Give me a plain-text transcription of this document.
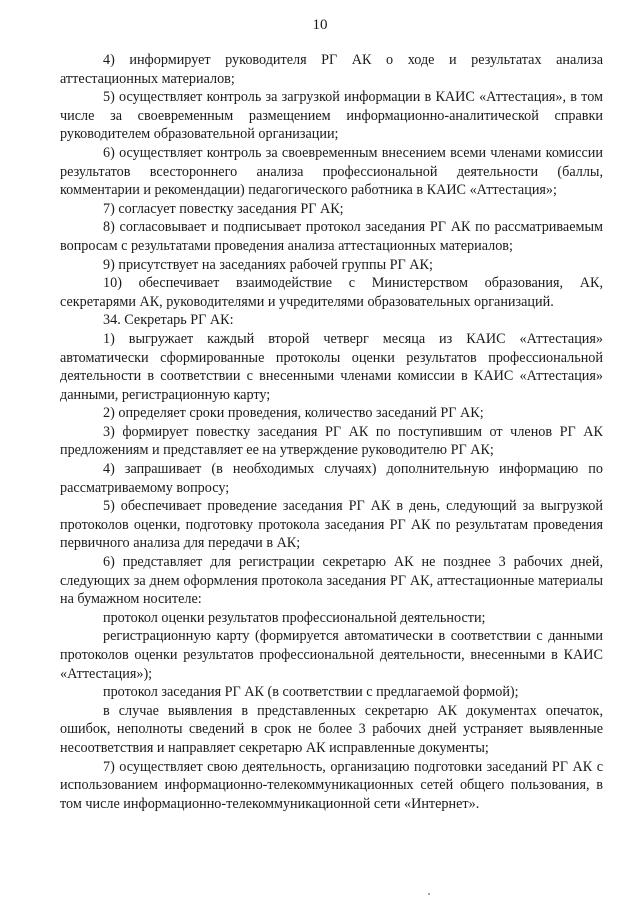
10

4) информирует руководителя РГ АК о ходе и результатах анализа аттестационных материалов;

5) осуществляет контроль за загрузкой информации в КАИС «Аттестация», в том числе за своевременным размещением информационно-аналитической справки руководителем образовательной организации;

6) осуществляет контроль за своевременным внесением всеми членами комиссии результатов всестороннего анализа профессиональной деятельности (баллы, комментарии и рекомендации) педагогического работника в КАИС «Аттестация»;

7) согласует повестку заседания РГ АК;

8) согласовывает и подписывает протокол заседания РГ АК по рассматриваемым вопросам с результатами проведения анализа аттестационных материалов;

9) присутствует на заседаниях рабочей группы РГ АК;

10) обеспечивает взаимодействие с Министерством образования, АК, секретарями АК, руководителями и учредителями образовательных организаций.

34. Секретарь РГ АК:

1) выгружает каждый второй четверг месяца из КАИС «Аттестация» автоматически сформированные протоколы оценки результатов профессиональной деятельности в соответствии с внесенными членами комиссии в КАИС «Аттестация» данными, регистрационную карту;

2) определяет сроки проведения, количество заседаний РГ АК;

3) формирует повестку заседания РГ АК по поступившим от членов РГ АК предложениям и представляет ее на утверждение руководителю РГ АК;

4) запрашивает (в необходимых случаях) дополнительную информацию по рассматриваемому вопросу;

5) обеспечивает проведение заседания РГ АК в день, следующий за выгрузкой протоколов оценки, подготовку протокола заседания РГ АК по результатам проведения первичного анализа для передачи в АК;

6) представляет для регистрации секретарю АК не позднее 3 рабочих дней, следующих за днем оформления протокола заседания РГ АК, аттестационные материалы на бумажном носителе:

протокол оценки результатов профессиональной деятельности;

регистрационную карту (формируется автоматически в соответствии с данными протоколов оценки результатов профессиональной деятельности, внесенными в КАИС «Аттестация»);

протокол заседания РГ АК (в соответствии с предлагаемой формой);

в случае выявления в представленных секретарю АК документах опечаток, ошибок, неполноты сведений в срок не более 3 рабочих дней устраняет выявленные несоответствия и направляет секретарю АК исправленные документы;

7) осуществляет свою деятельность, организацию подготовки заседаний РГ АК с использованием информационно-телекоммуникационных сетей общего пользования, в том числе информационно-телекоммуникационной сети «Интернет».
